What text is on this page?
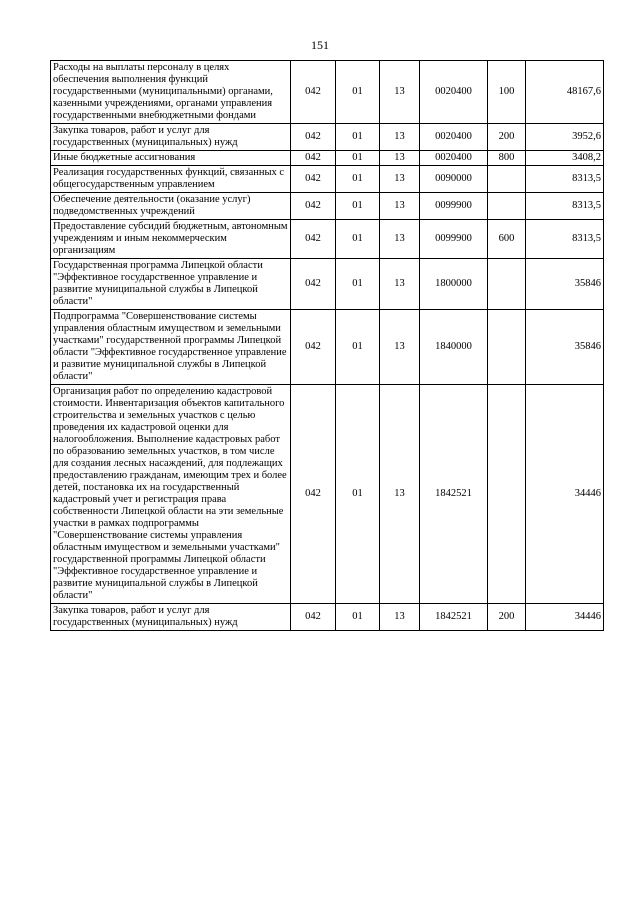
151
Расходы на выплаты персоналу в целях обеспечения выполнения функций государственными (муниципальными) органами, казенными учреждениями, органами управления государственными внебюджетными фондами	042	01	13	0020400	100	48167,6
Закупка товаров, работ и услуг для государственных (муниципальных) нужд	042	01	13	0020400	200	3952,6
Иные бюджетные ассигнования	042	01	13	0020400	800	3408,2
Реализация государственных функций, связанных с общегосударственным управлением	042	01	13	0090000		8313,5
Обеспечение деятельности (оказание услуг) подведомственных учреждений	042	01	13	0099900		8313,5
Предоставление субсидий бюджетным, автономным учреждениям и иным некоммерческим организациям	042	01	13	0099900	600	8313,5
Государственная программа Липецкой области "Эффективное государственное управление и развитие муниципальной службы в Липецкой области"	042	01	13	1800000		35846
Подпрограмма "Совершенствование системы управления областным имуществом и земельными участками" государственной программы Липецкой области "Эффективное государственное управление и развитие муниципальной службы в Липецкой области"	042	01	13	1840000		35846
Организация работ по определению кадастровой стоимости. Инвентаризация объектов капитального строительства и земельных участков с целью проведения их кадастровой оценки для налогообложения. Выполнение кадастровых работ по образованию земельных участков, в том числе для создания лесных насаждений, для подлежащих предоставлению гражданам, имеющим трех и более детей, постановка их на государственный кадастровый учет и регистрация права собственности Липецкой области на эти земельные участки в рамках подпрограммы "Совершенствование системы управления областным имуществом и земельными участками" государственной программы Липецкой области "Эффективное государственное управление и развитие муниципальной службы в Липецкой области"	042	01	13	1842521		34446
Закупка товаров, работ и услуг для государственных (муниципальных) нужд	042	01	13	1842521	200	34446
